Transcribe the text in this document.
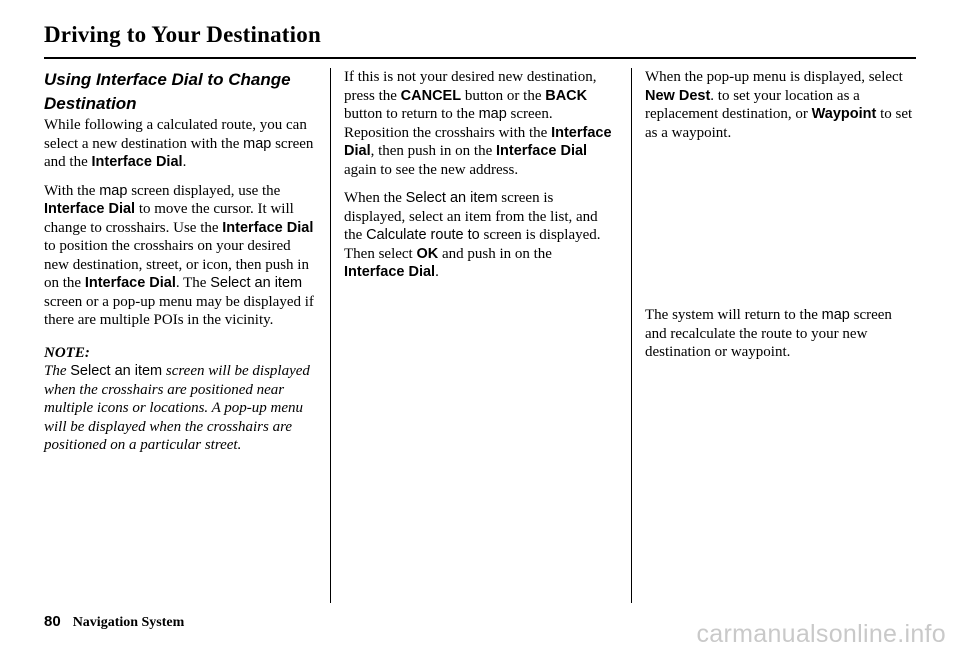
Driving to Your Destination
Using Interface Dial to Change
Destination

While following a calculated route, you can select a new destination with the map screen and the Interface Dial.

With the map screen displayed, use the Interface Dial to move the cursor. It will change to crosshairs. Use the Interface Dial to position the crosshairs on your desired new destination, street, or icon, then push in on the Interface Dial. The Select an item screen or a pop-up menu may be displayed if there are multiple POIs in the vicinity.

NOTE:
The Select an item screen will be displayed when the crosshairs are positioned near multiple icons or locations. A pop-up menu will be displayed when the crosshairs are positioned on a particular street.

If this is not your desired new destination, press the CANCEL button or the BACK button to return to the map screen. Reposition the crosshairs with the Interface Dial, then push in on the Interface Dial again to see the new address.

When the Select an item screen is displayed, select an item from the list, and the Calculate route to screen is displayed. Then select OK and push in on the Interface Dial.

When the pop-up menu is displayed, select New Dest. to set your location as a replacement destination, or Waypoint to set as a waypoint.

The system will return to the map screen and recalculate the route to your new destination or waypoint.

80 Navigation System	carmanualsonline.info
